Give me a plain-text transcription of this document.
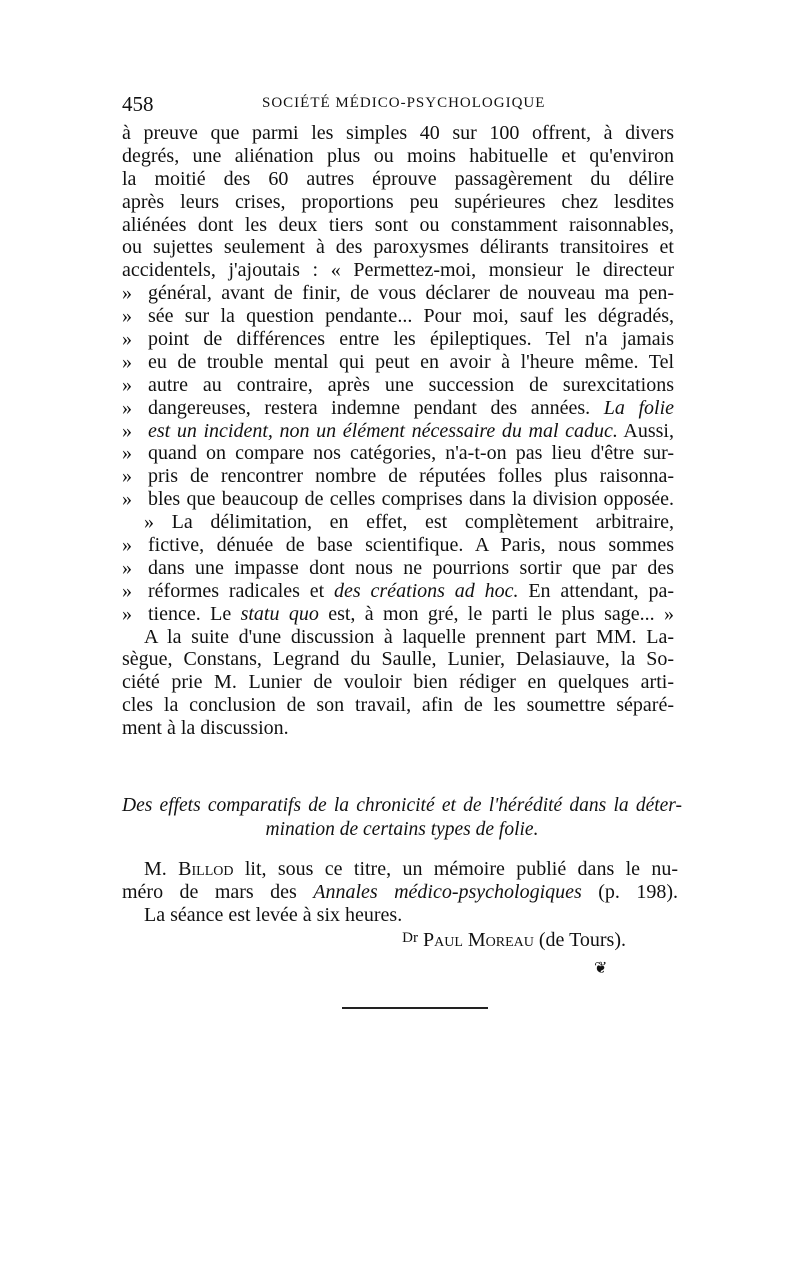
458	SOCIÉTÉ MÉDICO-PSYCHOLOGIQUE
à preuve que parmi les simples 40 sur 100 offrent, à divers
degrés, une aliénation plus ou moins habituelle et qu'environ
la moitié des 60 autres éprouve passagèrement du délire
après leurs crises, proportions peu supérieures chez lesdites
aliénées dont les deux tiers sont ou constamment raisonnables,
ou sujettes seulement à des paroxysmes délirants transitoires et
accidentels, j'ajoutais : « Permettez-moi, monsieur le directeur
» général, avant de finir, de vous déclarer de nouveau ma pen-
» sée sur la question pendante... Pour moi, sauf les dégradés,
» point de différences entre les épileptiques. Tel n'a jamais
» eu de trouble mental qui peut en avoir à l'heure même. Tel
» autre au contraire, après une succession de surexcitations
» dangereuses, restera indemne pendant des années. La folie
» est un incident, non un élément nécessaire du mal caduc. Aussi,
» quand on compare nos catégories, n'a-t-on pas lieu d'être sur-
» pris de rencontrer nombre de réputées folles plus raisonna-
» bles que beaucoup de celles comprises dans la division opposée.
» La délimitation, en effet, est complètement arbitraire,
» fictive, dénuée de base scientifique. A Paris, nous sommes
» dans une impasse dont nous ne pourrions sortir que par des
» réformes radicales et des créations ad hoc. En attendant, pa-
» tience. Le statu quo est, à mon gré, le parti le plus sage... »
A la suite d'une discussion à laquelle prennent part MM. La-
sègue, Constans, Legrand du Saulle, Lunier, Delasiauve, la So-
ciété prie M. Lunier de vouloir bien rédiger en quelques arti-
cles la conclusion de son travail, afin de les soumettre séparé-
ment à la discussion.
Des effets comparatifs de la chronicité et de l'hérédité dans la déter-
mination de certains types de folie.
M. Billod lit, sous ce titre, un mémoire publié dans le nu-
méro de mars des Annales médico-psychologiques (p. 198).
La séance est levée à six heures.
$^{Dr}$ Paul Moreau (de Tours).
❦
